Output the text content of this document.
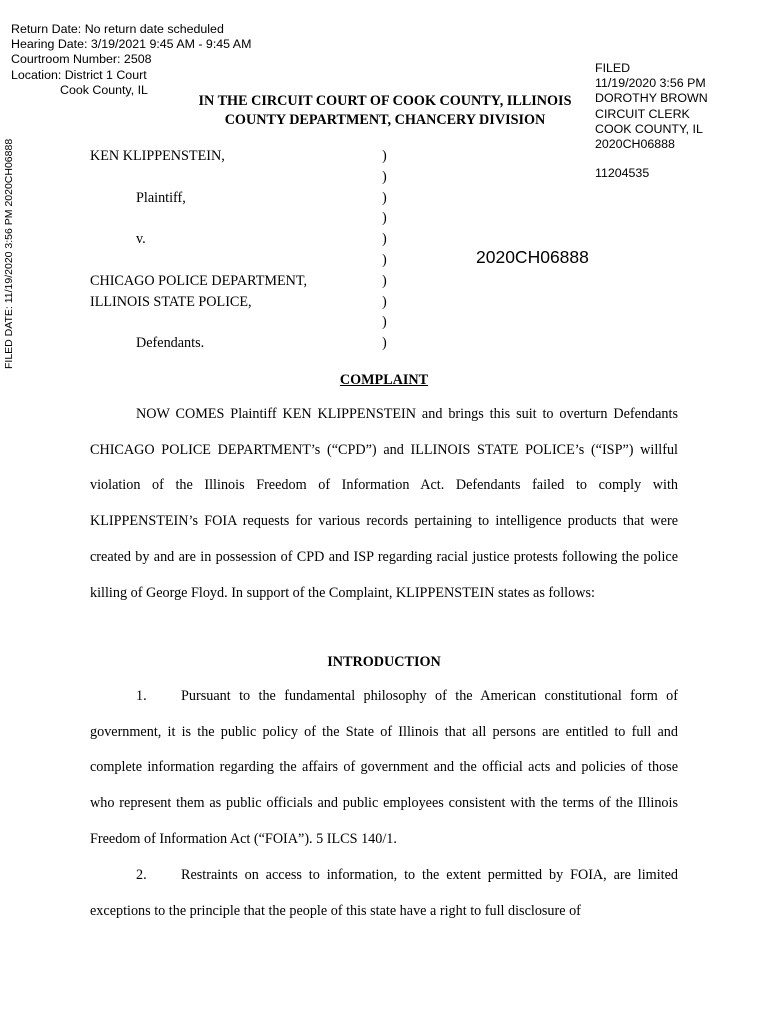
Return Date: No return date scheduled
Hearing Date: 3/19/2021 9:45 AM - 9:45 AM
Courtroom Number: 2508
Location: District 1 Court
Cook County, IL
FILED
11/19/2020 3:56 PM
DOROTHY BROWN
CIRCUIT CLERK
COOK COUNTY, IL
2020CH06888
11204535
FILED DATE: 11/19/2020 3:56 PM 2020CH06888
IN THE CIRCUIT COURT OF COOK COUNTY, ILLINOIS
COUNTY DEPARTMENT, CHANCERY DIVISION
KEN KLIPPENSTEIN,
Plaintiff,
v.
CHICAGO POLICE DEPARTMENT,
ILLINOIS STATE POLICE,
Defendants.
)
)
)
)
)
)
)
)
)
)
2020CH06888
COMPLAINT
NOW COMES Plaintiff KEN KLIPPENSTEIN and brings this suit to overturn Defendants CHICAGO POLICE DEPARTMENT’s (“CPD”) and ILLINOIS STATE POLICE’s (“ISP”) willful violation of the Illinois Freedom of Information Act. Defendants failed to comply with KLIPPENSTEIN’s FOIA requests for various records pertaining to intelligence products that were created by and are in possession of CPD and ISP regarding racial justice protests following the police killing of George Floyd. In support of the Complaint, KLIPPENSTEIN states as follows:
INTRODUCTION
1. Pursuant to the fundamental philosophy of the American constitutional form of government, it is the public policy of the State of Illinois that all persons are entitled to full and complete information regarding the affairs of government and the official acts and policies of those who represent them as public officials and public employees consistent with the terms of the Illinois Freedom of Information Act (“FOIA”). 5 ILCS 140/1.
2. Restraints on access to information, to the extent permitted by FOIA, are limited exceptions to the principle that the people of this state have a right to full disclosure of
